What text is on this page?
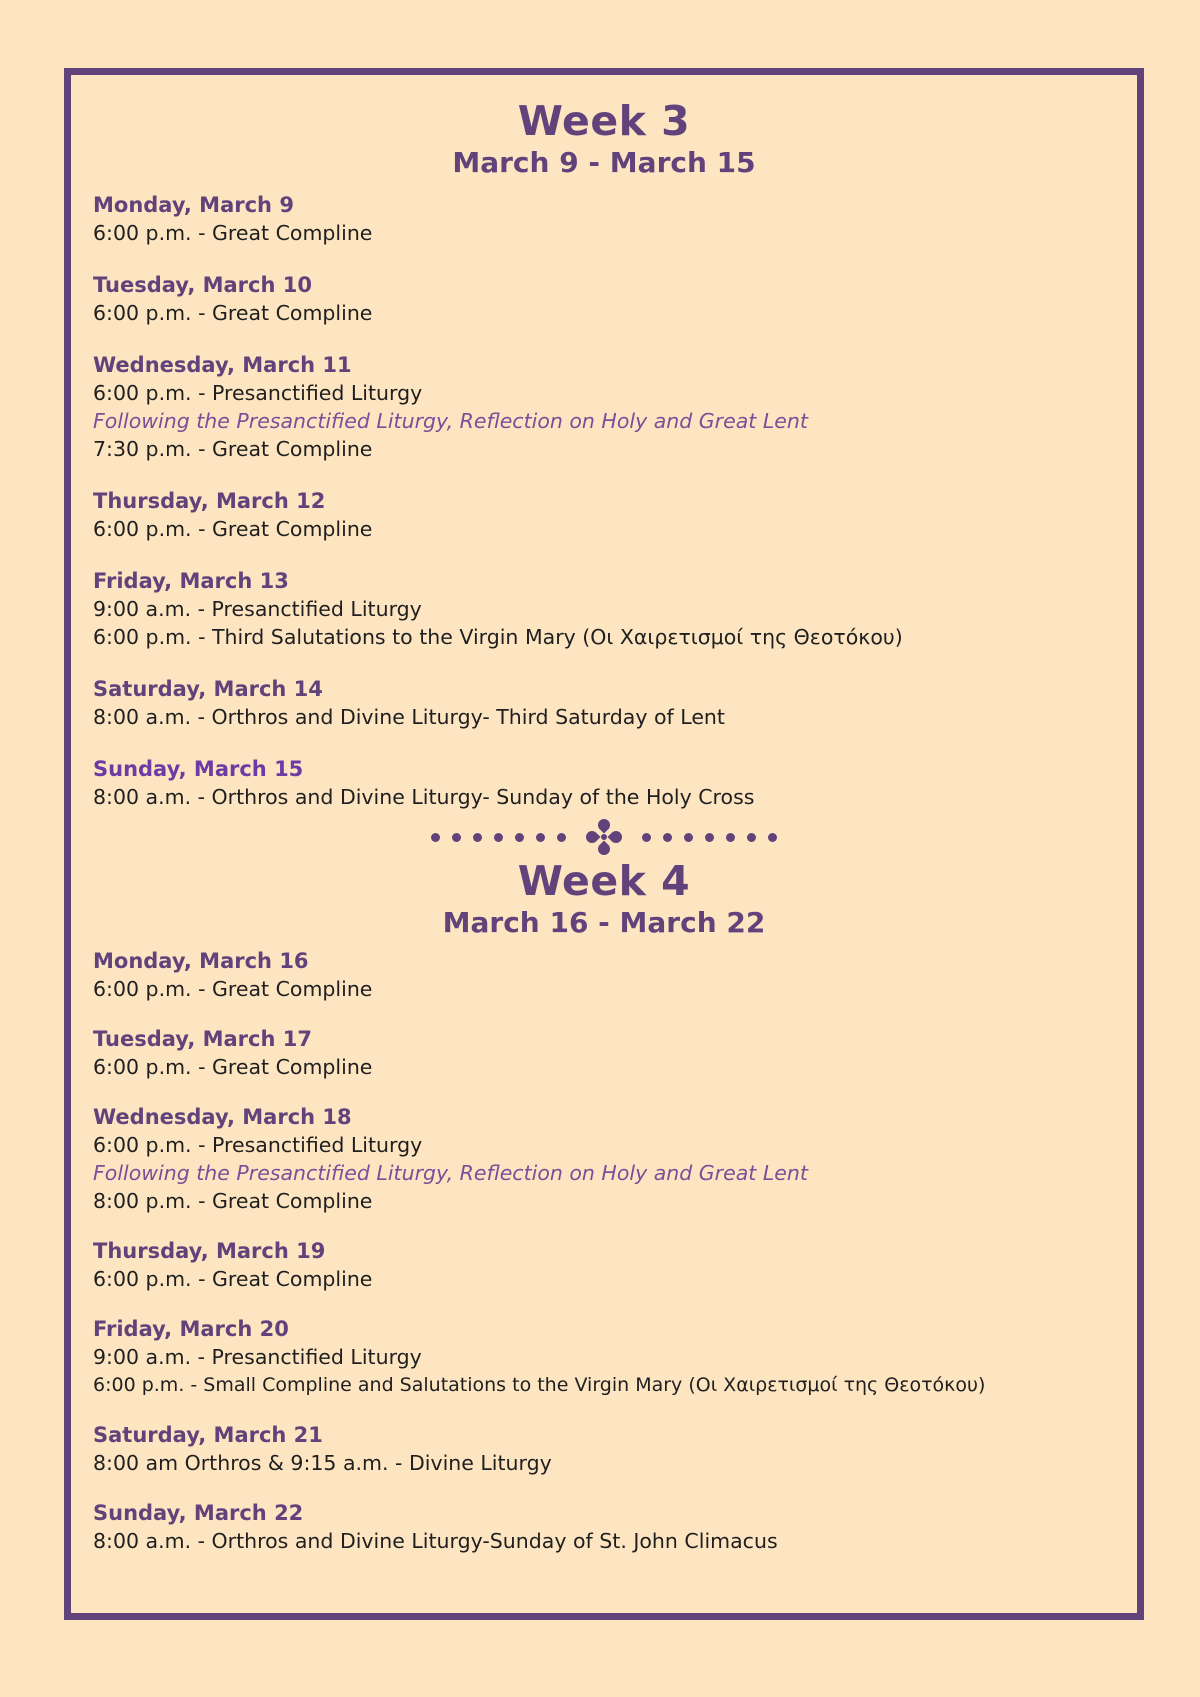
Week 3
March 9 - March 15
Monday, March 9
6:00 p.m. - Great Compline
Tuesday, March 10
6:00 p.m. - Great Compline
Wednesday, March 11
6:00 p.m. - Presanctified Liturgy
Following the Presanctified Liturgy, Reflection on Holy and Great Lent
7:30 p.m. - Great Compline
Thursday, March 12
6:00 p.m. - Great Compline
Friday, March 13
9:00 a.m. - Presanctified Liturgy
6:00 p.m. - Third Salutations to the Virgin Mary (Οι Χαιρετισμοί της Θεοτόκου)
Saturday, March 14
8:00 a.m. - Orthros and Divine Liturgy- Third Saturday of Lent
Sunday, March 15
8:00 a.m. - Orthros and Divine Liturgy- Sunday of the Holy Cross
Week 4
March 16 - March 22
Monday, March 16
6:00 p.m. - Great Compline
Tuesday, March 17
6:00 p.m. - Great Compline
Wednesday, March 18
6:00 p.m. - Presanctified Liturgy
Following the Presanctified Liturgy, Reflection on Holy and Great Lent
8:00 p.m. - Great Compline
Thursday, March 19
6:00 p.m. - Great Compline
Friday, March 20
9:00 a.m. - Presanctified Liturgy
6:00 p.m. - Small Compline and Salutations to the Virgin Mary (Οι Χαιρετισμοί της Θεοτόκου)
Saturday, March 21
8:00 am Orthros & 9:15 a.m. - Divine Liturgy
Sunday, March 22
8:00 a.m. - Orthros and Divine Liturgy-Sunday of St. John Climacus
